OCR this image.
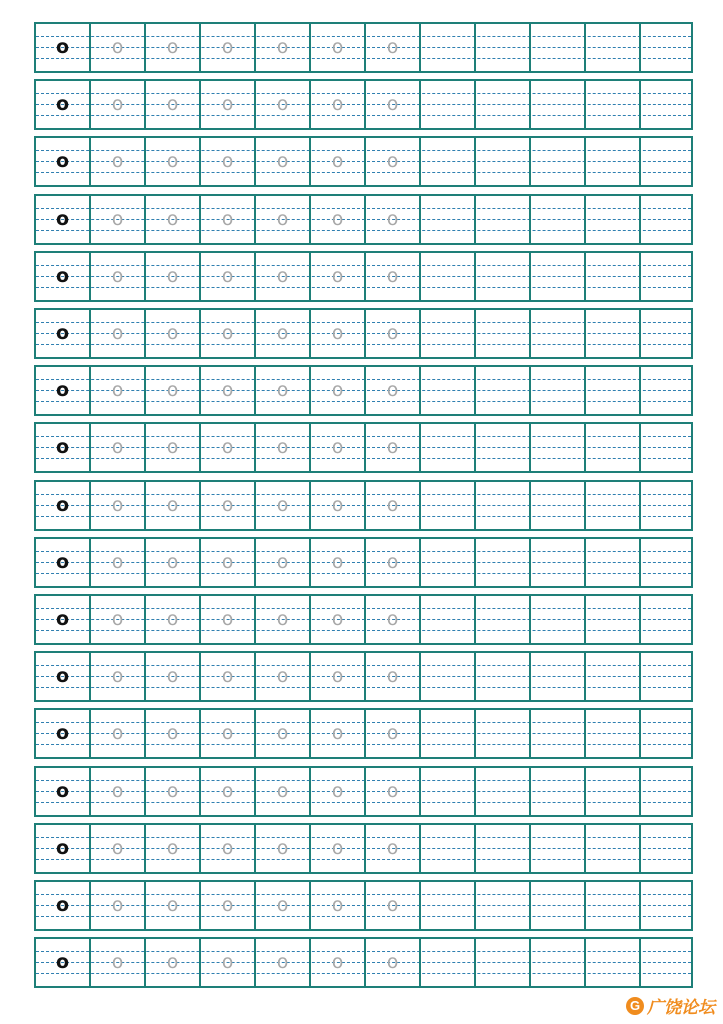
o	o	o	o	o	o	o
o	o	o	o	o	o	o
o	o	o	o	o	o	o
o	o	o	o	o	o	o
o	o	o	o	o	o	o
o	o	o	o	o	o	o
o	o	o	o	o	o	o
o	o	o	o	o	o	o
o	o	o	o	o	o	o
o	o	o	o	o	o	o
o	o	o	o	o	o	o
o	o	o	o	o	o	o
o	o	o	o	o	o	o
o	o	o	o	o	o	o
o	o	o	o	o	o	o
o	o	o	o	o	o	o
o	o	o	o	o	o	o
G 广饶论坛
